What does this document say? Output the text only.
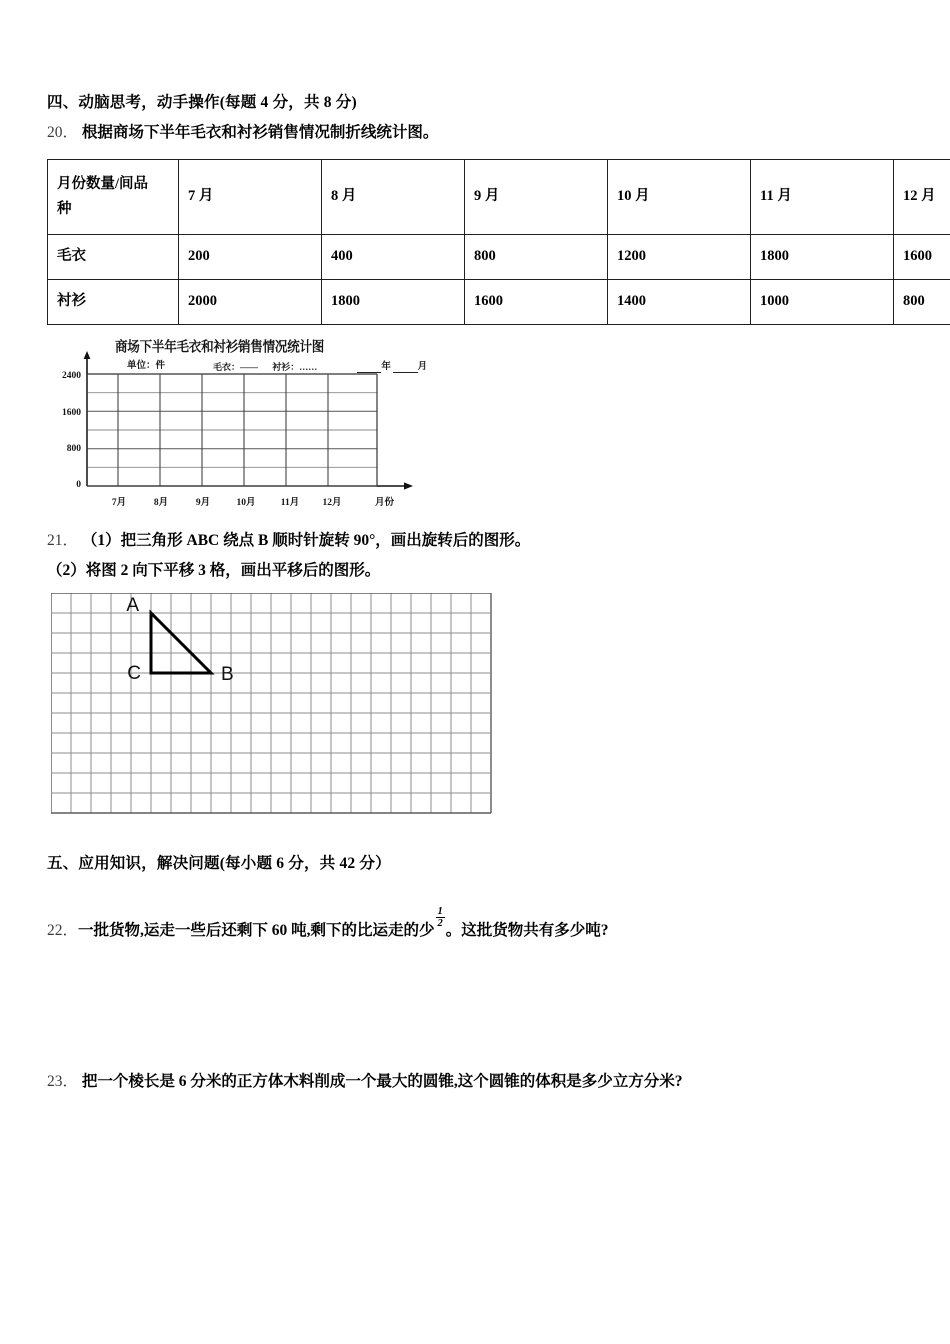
四、动脑思考，动手操作(每题 4 分，共 8 分)
20． 根据商场下半年毛衣和衬衫销售情况制折线统计图。
月份数量/间品
种	7 月	8 月	9 月	10 月	11 月	12 月
毛衣	200	400	800	1200	1800	1600
衬衫	2000	1800	1600	1400	1000	800
商场下半年毛衣和衬衫销售情况统计图
单位：件	毛衣：—— 衬衫：……	年	月
2400
1600
800
0
7月	8月	9月	10月	11月	12月	月份
21． （1）把三角形 ABC 绕点 B 顺时针旋转 90°，画出旋转后的图形。
（2）将图 2 向下平移 3 格，画出平移后的图形。
A
C	B
五、应用知识，解决问题(每小题 6 分，共 42 分）
22．一批货物,运走一些后还剩下 60 吨,剩下的比运走的少
$\frac{1}{2}$
。这批货物共有多少吨?
23． 把一个棱长是 6 分米的正方体木料削成一个最大的圆锥,这个圆锥的体积是多少立方分米?
